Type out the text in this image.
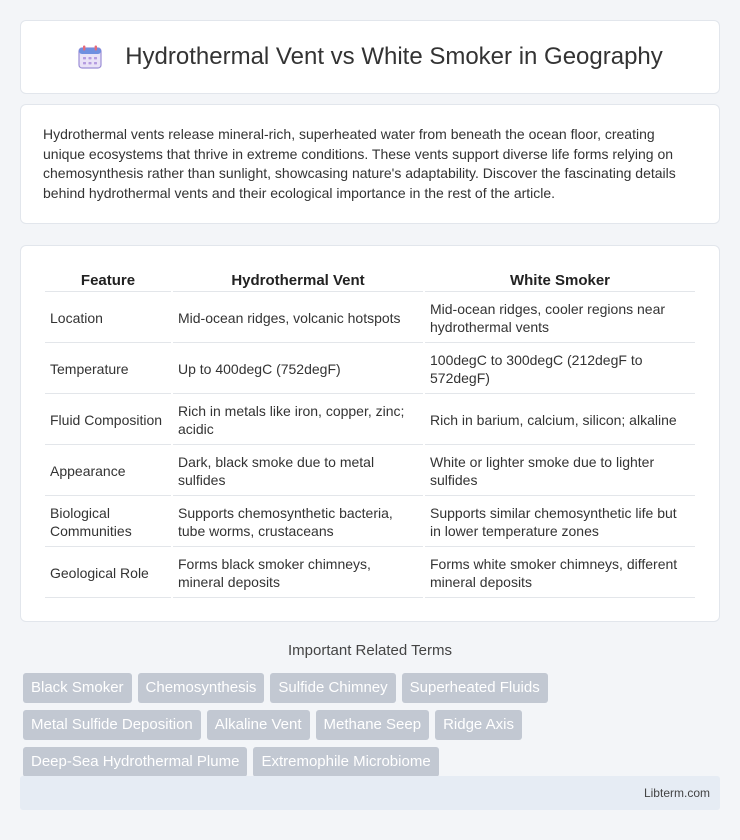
Hydrothermal Vent vs White Smoker in Geography

Hydrothermal vents release mineral-rich, superheated water from beneath the ocean floor, creating unique ecosystems that thrive in extreme conditions. These vents support diverse life forms relying on chemosynthesis rather than sunlight, showcasing nature's adaptability. Discover the fascinating details behind hydrothermal vents and their ecological importance in the rest of the article.

Feature	Hydrothermal Vent	White Smoker
Location	Mid-ocean ridges, volcanic hotspots	Mid-ocean ridges, cooler regions near hydrothermal vents
Temperature	Up to 400degC (752degF)	100degC to 300degC (212degF to 572degF)
Fluid Composition	Rich in metals like iron, copper, zinc; acidic	Rich in barium, calcium, silicon; alkaline
Appearance	Dark, black smoke due to metal sulfides	White or lighter smoke due to lighter sulfides
Biological Communities	Supports chemosynthetic bacteria, tube worms, crustaceans	Supports similar chemosynthetic life but in lower temperature zones
Geological Role	Forms black smoker chimneys, mineral deposits	Forms white smoker chimneys, different mineral deposits
Important Related Terms
Black Smoker	Chemosynthesis	Sulfide Chimney	Superheated Fluids
Metal Sulfide Deposition	Alkaline Vent	Methane Seep	Ridge Axis
Deep-Sea Hydrothermal Plume	Extremophile Microbiome
Libterm.com
